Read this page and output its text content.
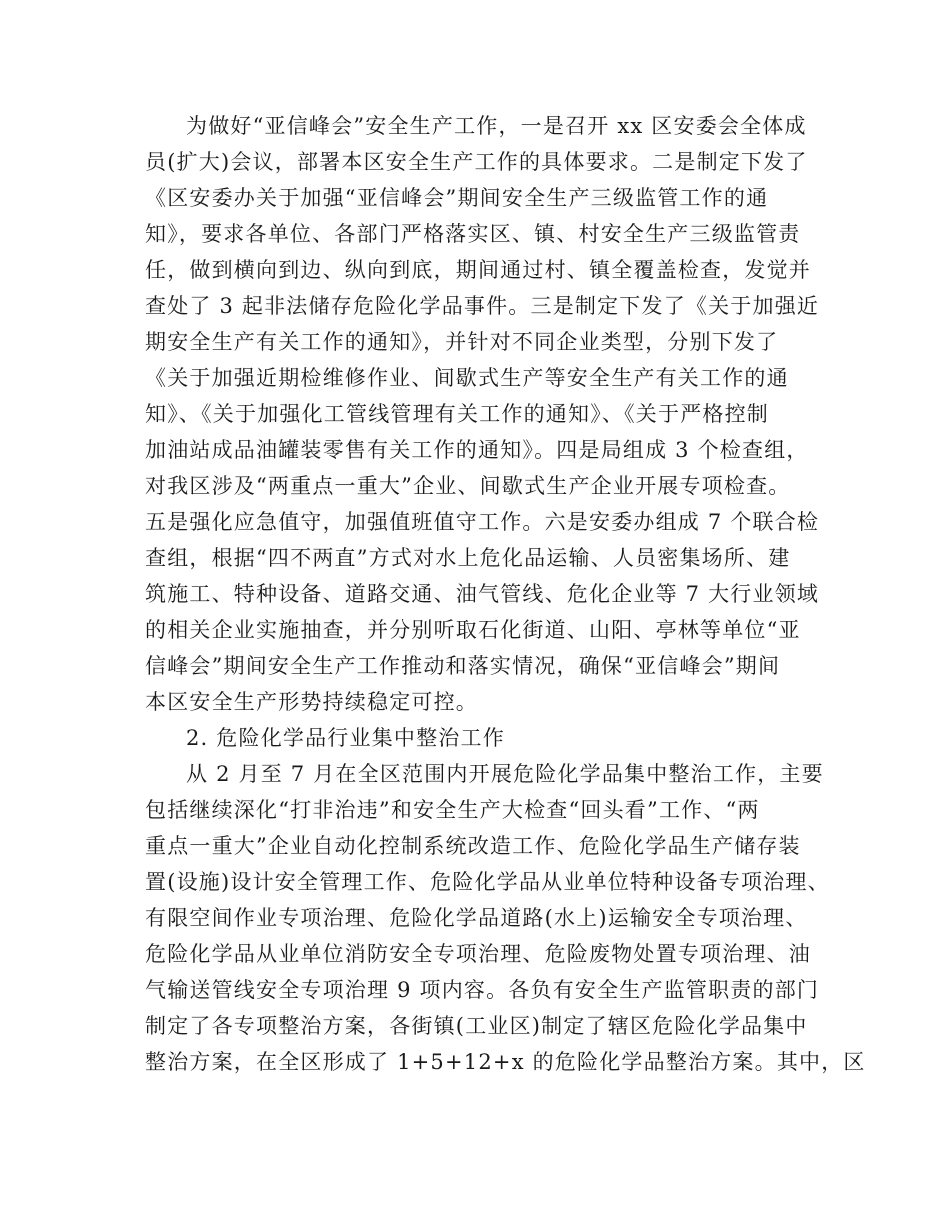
为做好“亚信峰会”安全生产工作，一是召开 xx 区安委会全体成
员(扩大)会议，部署本区安全生产工作的具体要求。二是制定下发了
《区安委办关于加强“亚信峰会”期间安全生产三级监管工作的通
知》，要求各单位、各部门严格落实区、镇、村安全生产三级监管责
任，做到横向到边、纵向到底，期间通过村、镇全覆盖检查，发觉并
查处了 3 起非法储存危险化学品事件。三是制定下发了《关于加强近
期安全生产有关工作的通知》，并针对不同企业类型，分别下发了
《关于加强近期检维修作业、间歇式生产等安全生产有关工作的通
知》、《关于加强化工管线管理有关工作的通知》、《关于严格控制
加油站成品油罐装零售有关工作的通知》。四是局组成 3 个检查组，
对我区涉及“两重点一重大”企业、间歇式生产企业开展专项检查。
五是强化应急值守，加强值班值守工作。六是安委办组成 7 个联合检
查组，根据“四不两直”方式对水上危化品运输、人员密集场所、建
筑施工、特种设备、道路交通、油气管线、危化企业等 7 大行业领域
的相关企业实施抽查，并分别听取石化街道、山阳、亭林等单位“亚
信峰会”期间安全生产工作推动和落实情况，确保“亚信峰会”期间
本区安全生产形势持续稳定可控。
2. 危险化学品行业集中整治工作
从 2 月至 7 月在全区范围内开展危险化学品集中整治工作，主要
包括继续深化“打非治违”和安全生产大检查“回头看”工作、“两
重点一重大”企业自动化控制系统改造工作、危险化学品生产储存装
置(设施)设计安全管理工作、危险化学品从业单位特种设备专项治理、
有限空间作业专项治理、危险化学品道路(水上)运输安全专项治理、
危险化学品从业单位消防安全专项治理、危险废物处置专项治理、油
气输送管线安全专项治理 9 项内容。各负有安全生产监管职责的部门
制定了各专项整治方案，各街镇(工业区)制定了辖区危险化学品集中
整治方案，在全区形成了 1+5+12+x 的危险化学品整治方案。其中，区
